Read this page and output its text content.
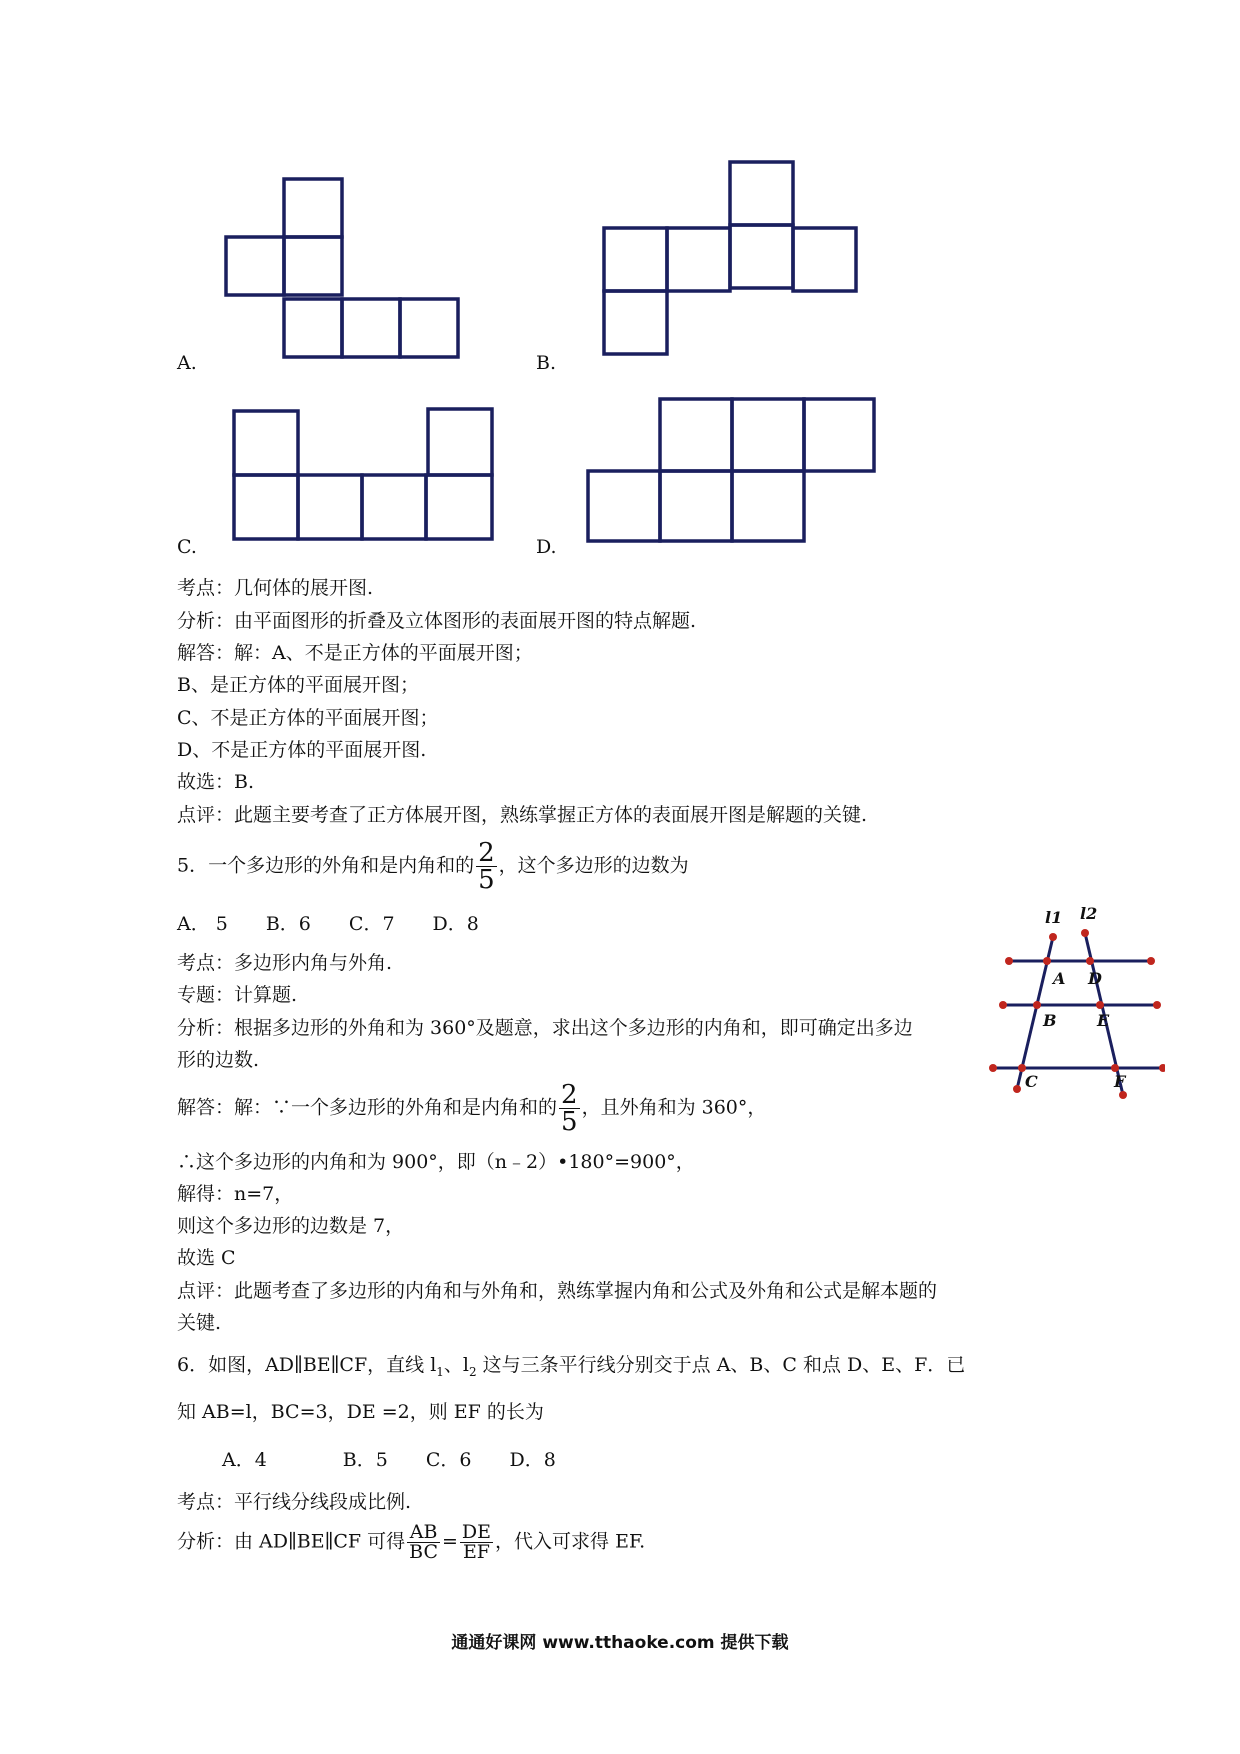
A.	B.
C.	D.
考点：几何体的展开图.
分析：由平面图形的折叠及立体图形的表面展开图的特点解题.
解答：解：A、不是正方体的平面展开图；
B、是正方体的平面展开图；
C、不是正方体的平面展开图；
D、不是正方体的平面展开图.
故选：B.
点评：此题主要考查了正方体展开图，熟练掌握正方体的表面展开图是解题的关键.
5．一个多边形的外角和是内角和的 $\frac{2}{5}$ ，这个多边形的边数为
A． 5　　B．6　　C．7　　D．8
考点：多边形内角与外角.
专题：计算题.
分析：根据多边形的外角和为 360°及题意，求出这个多边形的内角和，即可确定出多边
形的边数.
解答：解：∵一个多边形的外角和是内角和的 $\frac{2}{5}$ ，且外角和为 360°，
∴这个多边形的内角和为 900°，即（n﹣2）•180°=900°，
解得：n=7，
则这个多边形的边数是 7，
故选 C
点评：此题考查了多边形的内角和与外角和，熟练掌握内角和公式及外角和公式是解本题的
关键.
l1 l2
A D
B	E
C	F
6．如图，AD∥BE∥CF，直线 $l_1$、$l_2$ 这与三条平行线分别交于点 A、B、C 和点 D、E、F．已
知 AB=l，BC=3，DE =2，则 EF 的长为
A．4　　　　B．5　　C．6　　D．8
考点：平行线分线段成比例.
分析：由 AD∥BE∥CF 可得 $\frac{AB}{BC} = \frac{DE}{EF}$ ，代入可求得 EF.
通通好课网 www.tthaoke.com 提供下载
